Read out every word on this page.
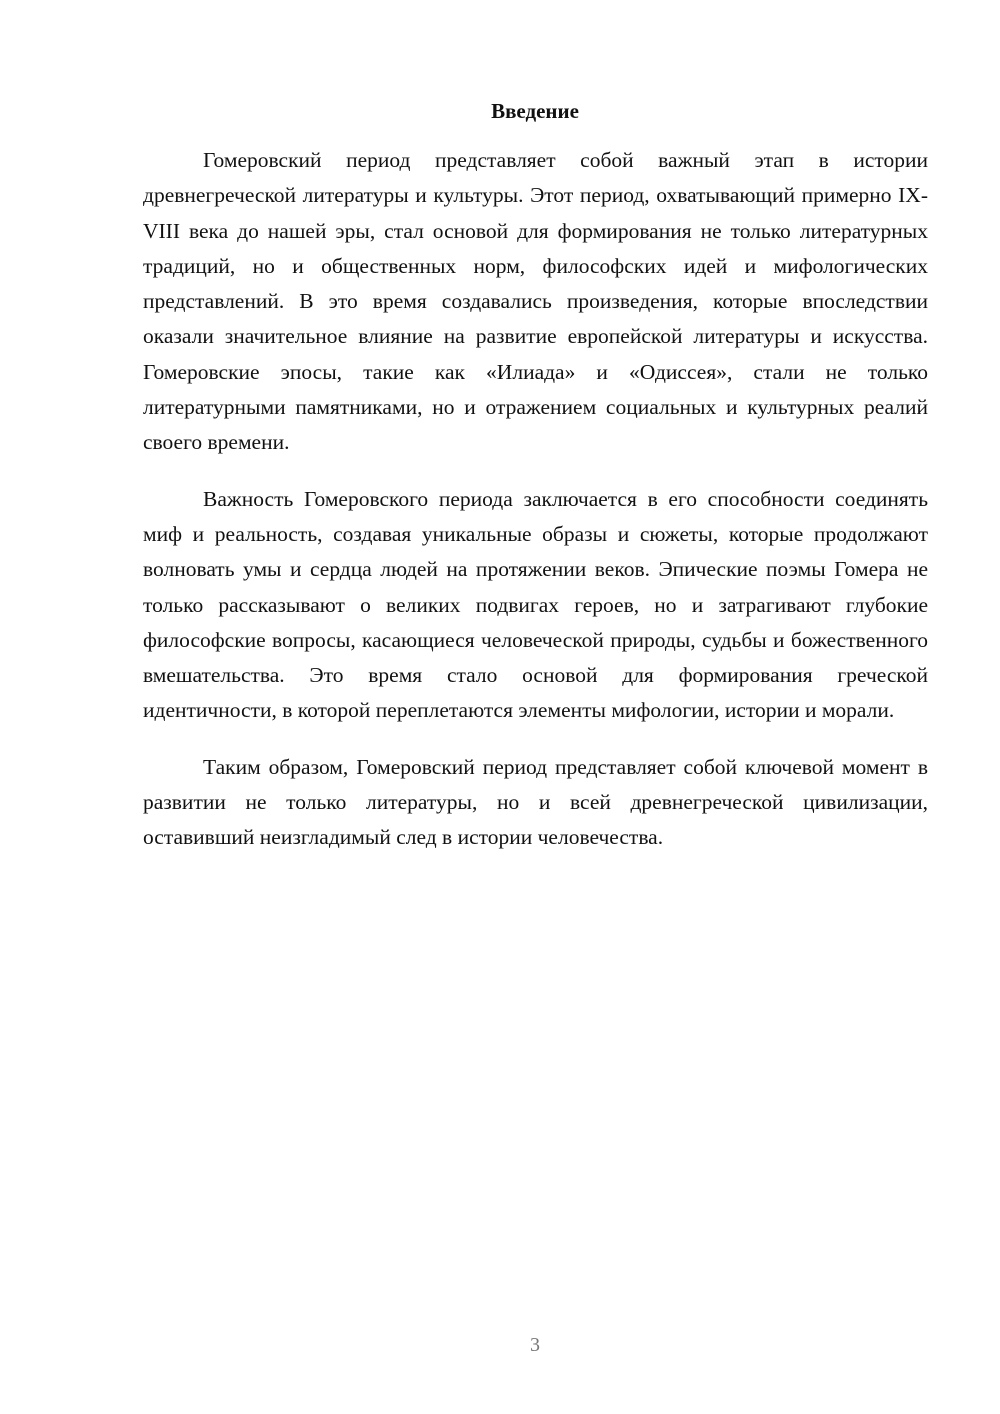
Введение

Гомеровский период представляет собой важный этап в истории древнегреческой литературы и культуры. Этот период, охватывающий примерно IX-VIII века до нашей эры, стал основой для формирования не только литературных традиций, но и общественных норм, философских идей и мифологических представлений. В это время создавались произведения, которые впоследствии оказали значительное влияние на развитие европейской литературы и искусства. Гомеровские эпосы, такие как «Илиада» и «Одиссея», стали не только литературными памятниками, но и отражением социальных и культурных реалий своего времени.

Важность Гомеровского периода заключается в его способности соединять миф и реальность, создавая уникальные образы и сюжеты, которые продолжают волновать умы и сердца людей на протяжении веков. Эпические поэмы Гомера не только рассказывают о великих подвигах героев, но и затрагивают глубокие философские вопросы, касающиеся человеческой природы, судьбы и божественного вмешательства. Это время стало основой для формирования греческой идентичности, в которой переплетаются элементы мифологии, истории и морали.

Таким образом, Гомеровский период представляет собой ключевой момент в развитии не только литературы, но и всей древнегреческой цивилизации, оставивший неизгладимый след в истории человечества.

3
